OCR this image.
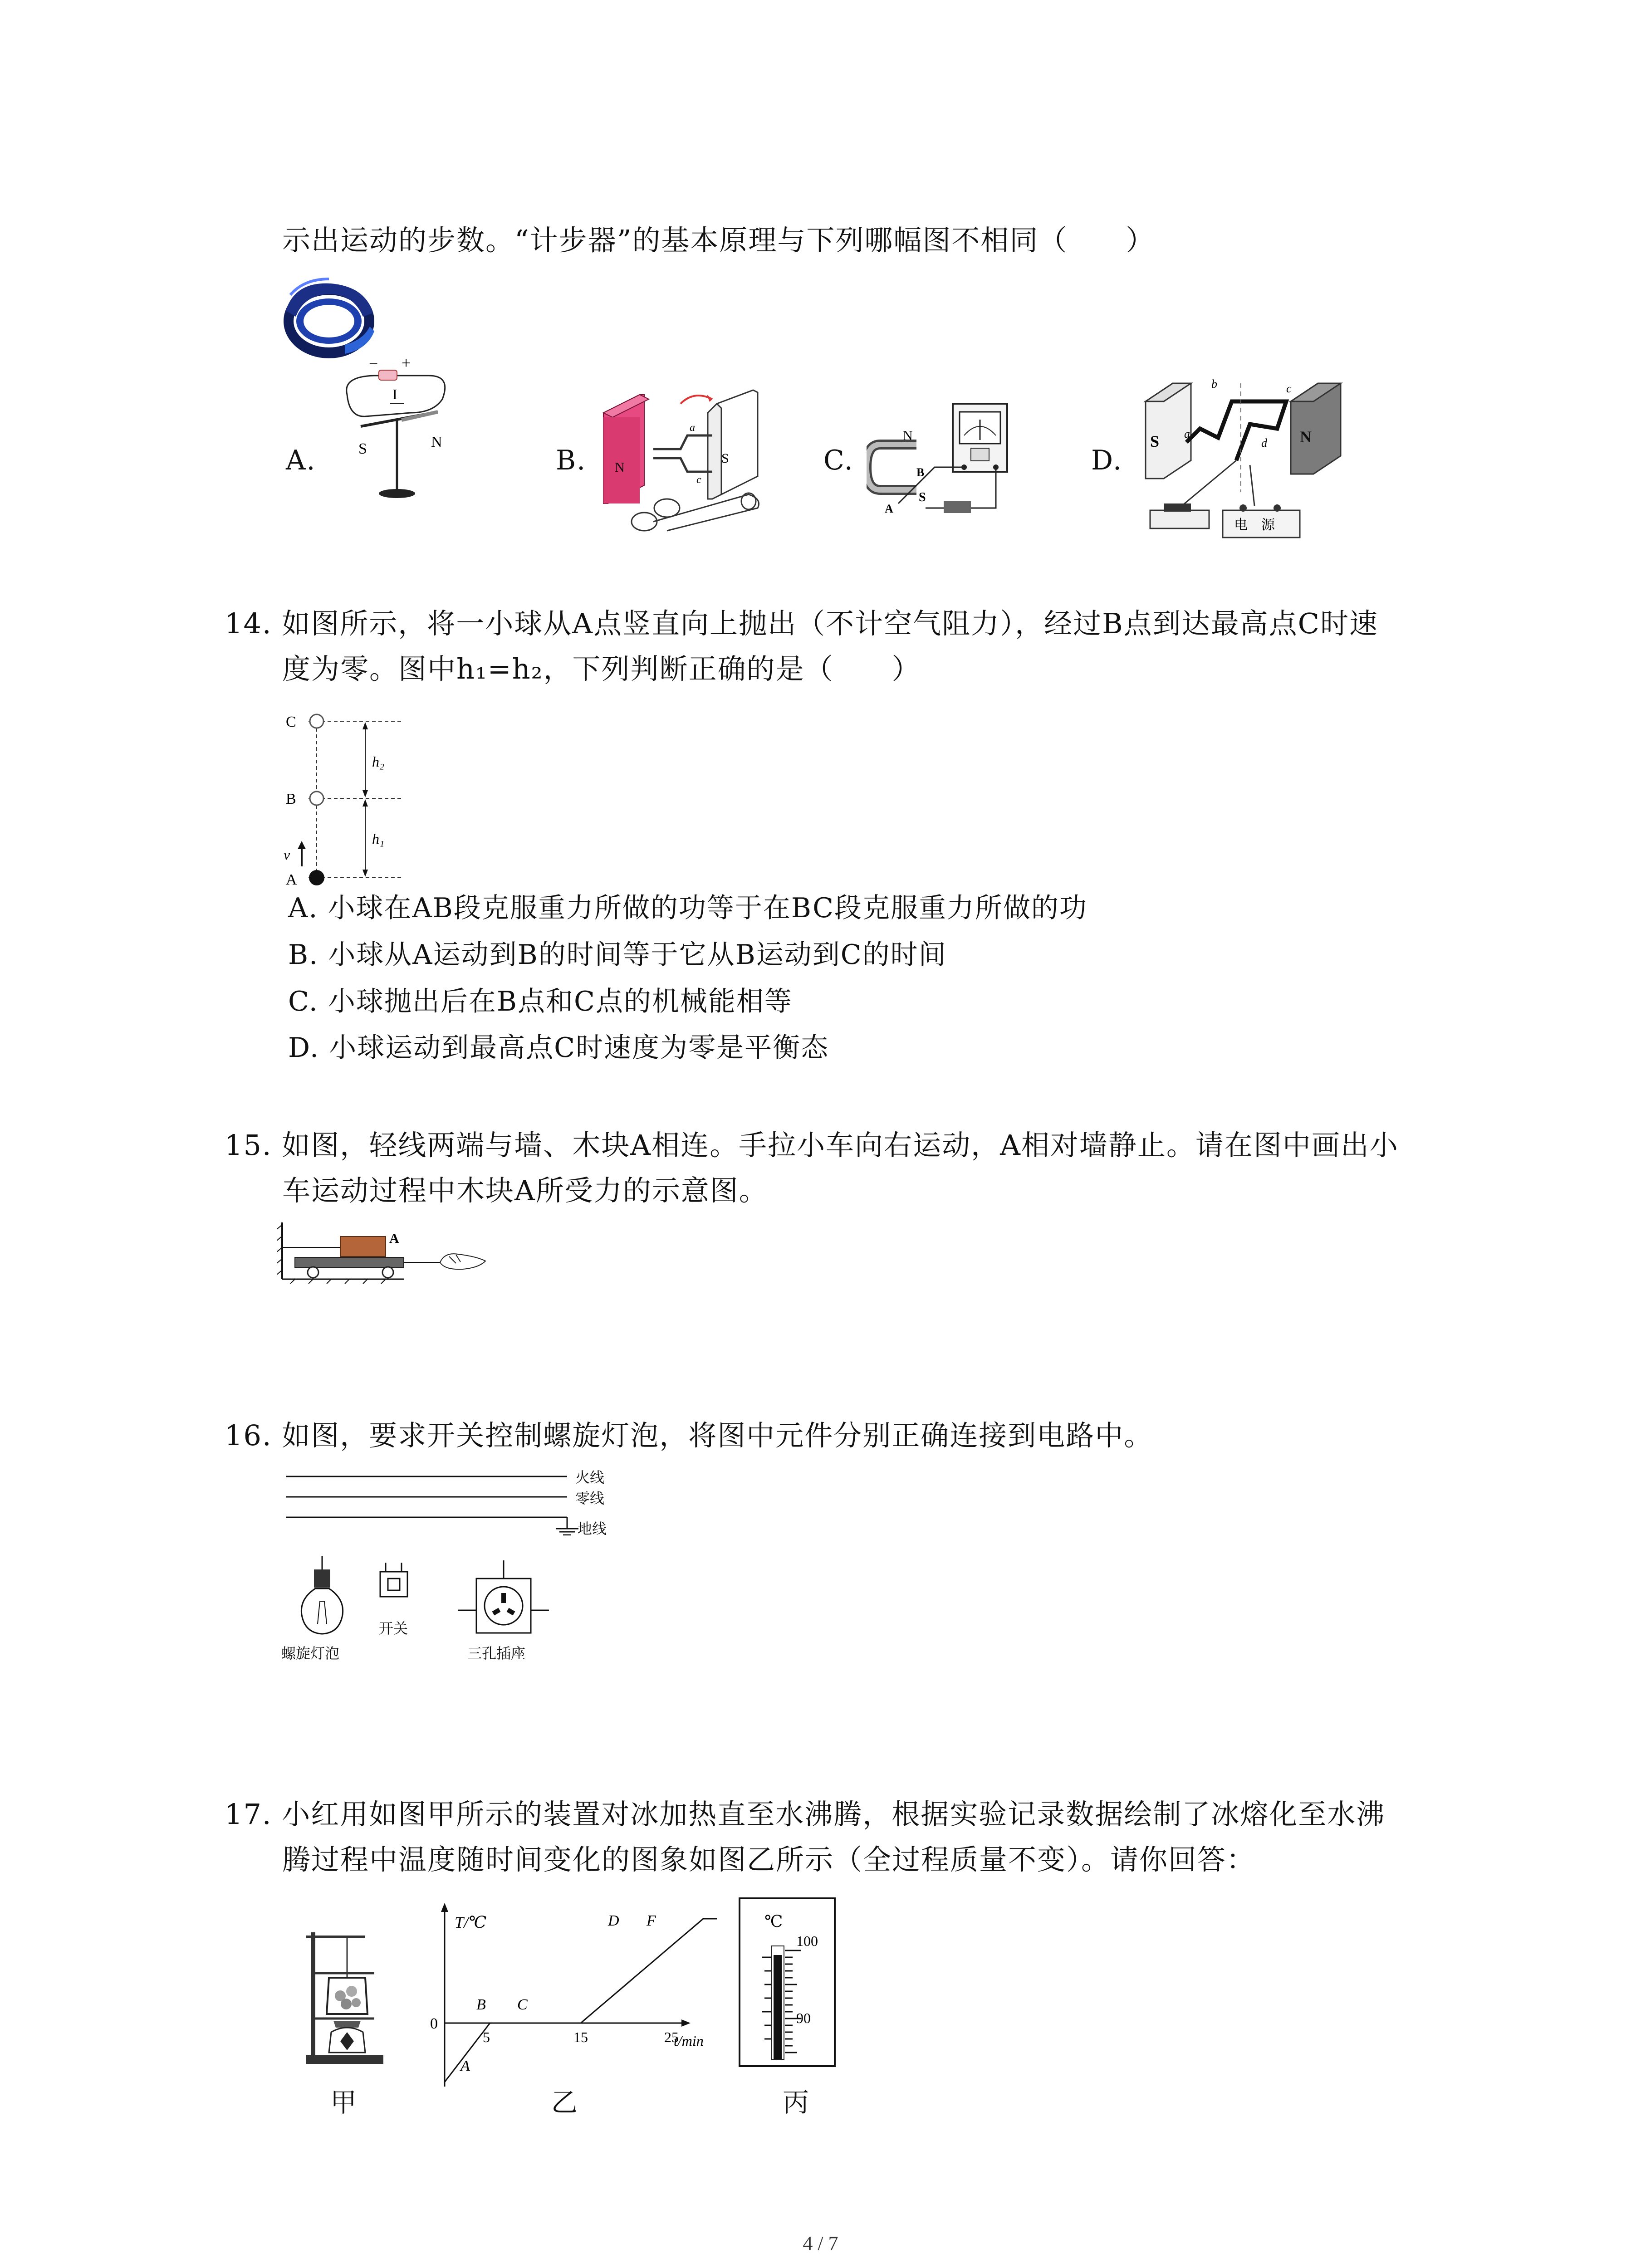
示出运动的步数。“计步器”的基本原理与下列哪幅图不相同（　　）
A.	B.	C.	D.
− +
I
S	N
N
S
a
c
N
B
S
A
S	N
a
b	c
d
电　源
14. 如图所示，将一小球从A点竖直向上抛出（不计空气阻力），经过B点到达最高点C时速
度为零。图中h₁=h₂，下列判断正确的是（　　）
C
B
A
v
h₂
h₁
A. 小球在AB段克服重力所做的功等于在BC段克服重力所做的功
B. 小球从A运动到B的时间等于它从B运动到C的时间
C. 小球抛出后在B点和C点的机械能相等
D. 小球运动到最高点C时速度为零是平衡态
15. 如图，轻线两端与墙、木块A相连。手拉小车向右运动，A相对墙静止。请在图中画出小
车运动过程中木块A所受力的示意图。
A
16. 如图，要求开关控制螺旋灯泡，将图中元件分别正确连接到电路中。
火线
零线
地线
螺旋灯泡
开关
三孔插座
17. 小红用如图甲所示的装置对冰加热直至水沸腾，根据实验记录数据绘制了冰熔化至水沸
腾过程中温度随时间变化的图象如图乙所示（全过程质量不变）。请你回答：
甲
T/℃
t/min
0
5	15	25
A
B C
D F
乙
℃
100
90
丙
4 / 7
